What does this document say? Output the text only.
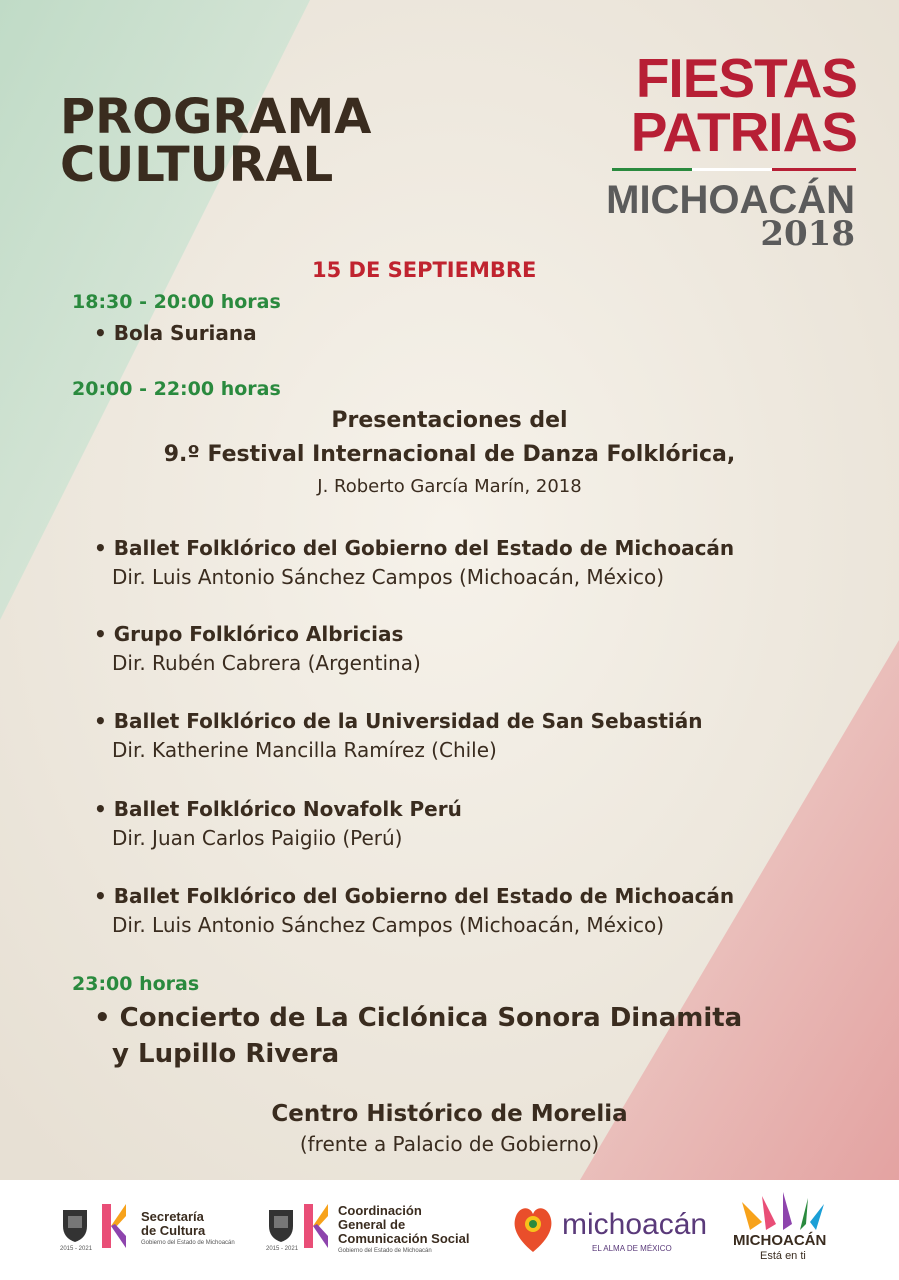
PROGRAMA
CULTURAL
FIESTAS
PATRIAS
MICHOACÁN
2018
15 DE SEPTIEMBRE
18:30 - 20:00 horas
• Bola Suriana
20:00 - 22:00 horas
Presentaciones del
9.º Festival Internacional de Danza Folklórica,
J. Roberto García Marín, 2018
• Ballet Folklórico del Gobierno del Estado de Michoacán
Dir. Luis Antonio Sánchez Campos (Michoacán, México)
• Grupo Folklórico Albricias
Dir. Rubén Cabrera (Argentina)
• Ballet Folklórico de la Universidad de San Sebastián
Dir. Katherine Mancilla Ramírez (Chile)
• Ballet Folklórico Novafolk Perú
Dir. Juan Carlos Paigiio (Perú)
• Ballet Folklórico del Gobierno del Estado de Michoacán
Dir. Luis Antonio Sánchez Campos (Michoacán, México)
23:00 horas
• Concierto de La Ciclónica Sonora Dinamita
y Lupillo Rivera
Centro Histórico de Morelia
(frente a Palacio de Gobierno)
2015 - 2021
Secretaría
de Cultura
Gobierno del Estado de Michoacán
2015 - 2021
Coordinación
General de
Comunicación Social
Gobierno del Estado de Michoacán
michoacán
EL ALMA DE MÉXICO	MICHOACÁN
Está en ti
